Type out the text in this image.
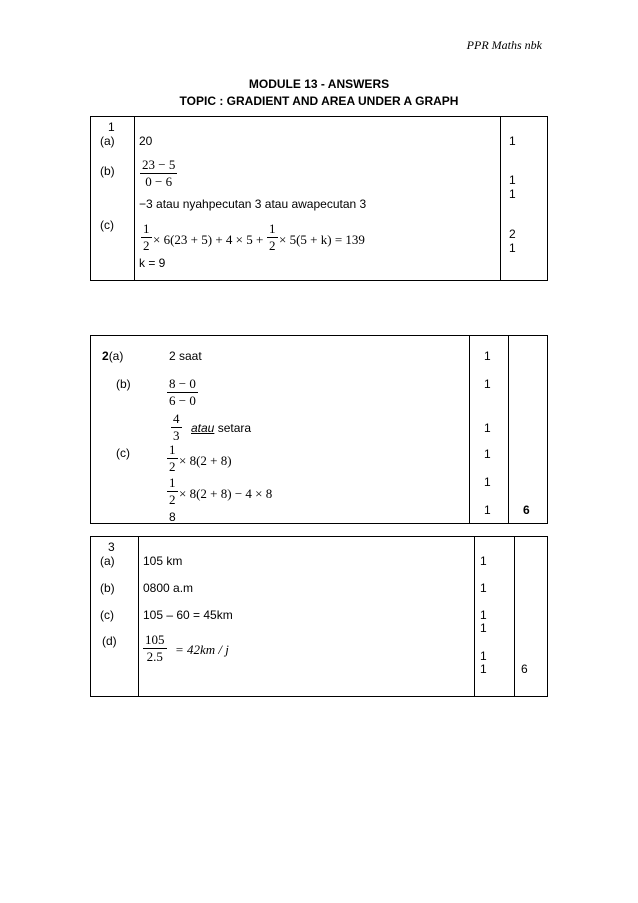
PPR Maths nbk
MODULE 13 - ANSWERS
TOPIC : GRADIENT AND AREA UNDER A GRAPH
1
(a)
(b)
(c)
20
$\frac{23 - 5}{0 - 6}$
−3 atau nyahpecutan 3 atau awapecutan 3
$\frac{1}{2} \times 6(23 + 5) + 4 \times 5 + \frac{1}{2} \times 5(5 + k) = 139$
k = 9
1
1
1
2
1
2(a)
(b)
(c)
2 saat
$\frac{8 - 0}{6 - 0}$
$\frac{4}{3}$ atau setara
$\frac{1}{2} \times 8(2 + 8)$
$\frac{1}{2} \times 8(2 + 8) - 4 \times 8$
8
1
1
1
1
1
1	6
3
(a)
(b)
(c)
(d)
105 km
0800 a.m
105 – 60 = 45km
$\frac{105}{2.5} = 42km / j$
1
1
1
1
1
1	6
